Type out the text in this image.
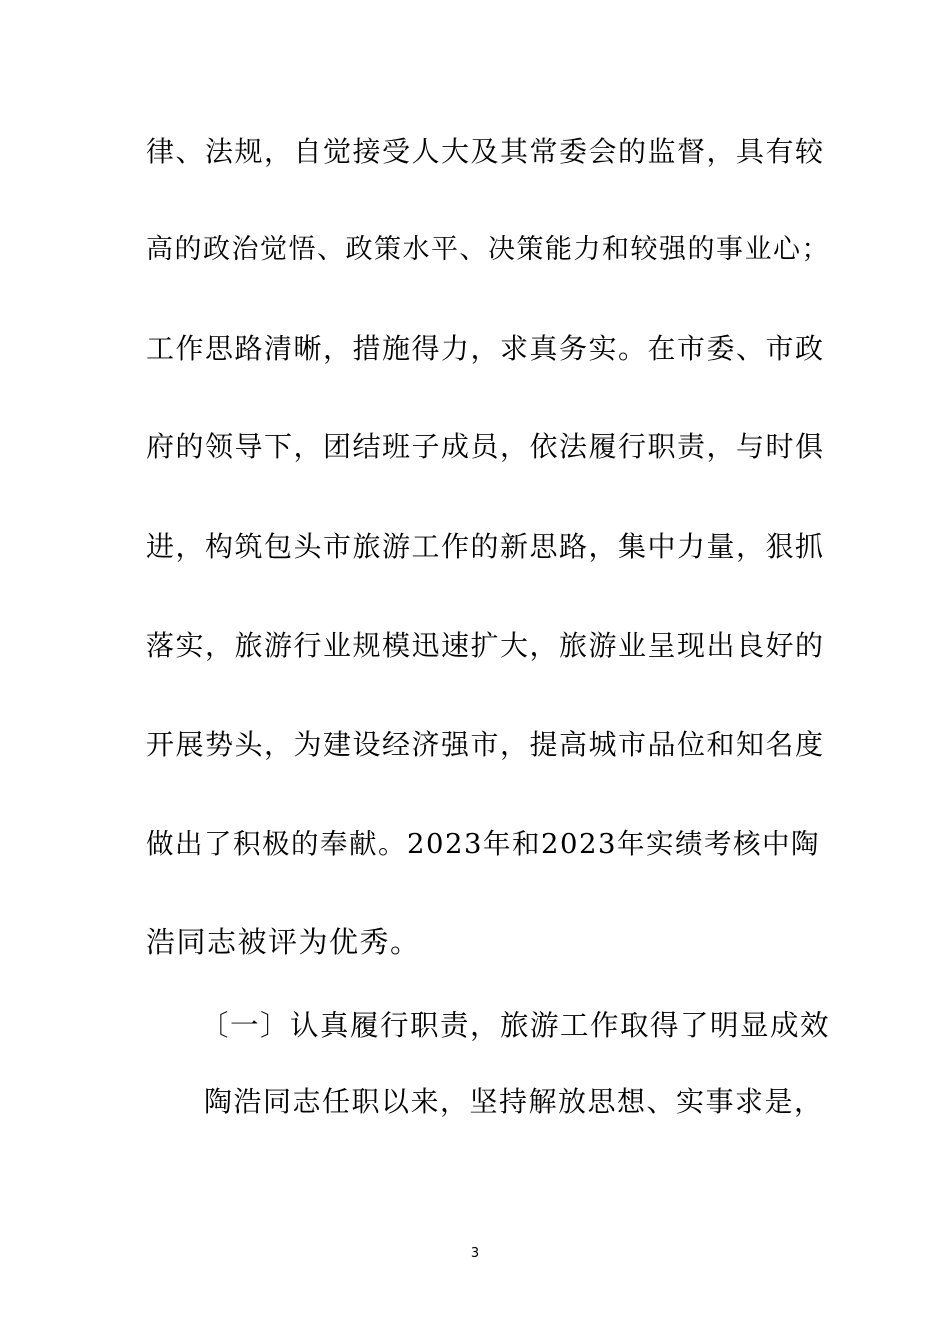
律、法规，自觉接受人大及其常委会的监督，具有较
高的政治觉悟、政策水平、决策能力和较强的事业心；
工作思路清晰，措施得力，求真务实。在市委、市政
府的领导下，团结班子成员，依法履行职责，与时俱
进，构筑包头市旅游工作的新思路，集中力量，狠抓
落实，旅游行业规模迅速扩大，旅游业呈现出良好的
开展势头，为建设经济强市，提高城市品位和知名度
做出了积极的奉献。2023年和2023年实绩考核中陶
浩同志被评为优秀。
〔一〕认真履行职责，旅游工作取得了明显成效
陶浩同志任职以来，坚持解放思想、实事求是，
3
